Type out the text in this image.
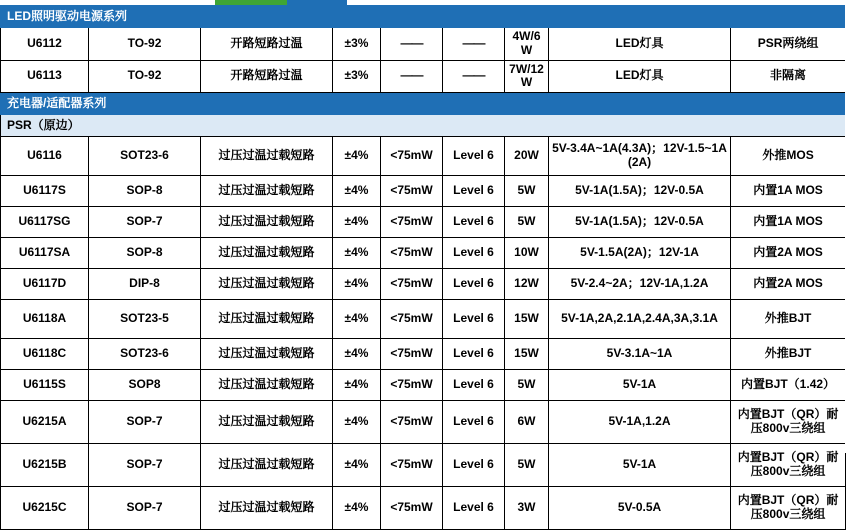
LED照明驱动电源系列								
U6112	TO-92	开路短路过温	±3%	——	——	4W/6W	LED灯具	PSR两绕组
U6113	TO-92	开路短路过温	±3%	——	——	7W/12W	LED灯具	非隔离
充电器/适配器系列								
PSR（原边）								
U6116	SOT23-6	过压过温过载短路	±4%	<75mW	Level 6	20W	5V-3.4A~1A(4.3A)；12V-1.5~1A (2A)	外推MOS
U6117S	SOP-8	过压过温过载短路	±4%	<75mW	Level 6	5W	5V-1A(1.5A)；12V-0.5A	内置1A MOS
U6117SG	SOP-7	过压过温过载短路	±4%	<75mW	Level 6	5W	5V-1A(1.5A)；12V-0.5A	内置1A MOS
U6117SA	SOP-8	过压过温过载短路	±4%	<75mW	Level 6	10W	5V-1.5A(2A)；12V-1A	内置2A MOS
U6117D	DIP-8	过压过温过载短路	±4%	<75mW	Level 6	12W	5V-2.4~2A；12V-1A,1.2A	内置2A MOS
U6118A	SOT23-5	过压过温过载短路	±4%	<75mW	Level 6	15W	5V-1A,2A,2.1A,2.4A,3A,3.1A	外推BJT
U6118C	SOT23-6	过压过温过载短路	±4%	<75mW	Level 6	15W	5V-3.1A~1A	外推BJT
U6115S	SOP8	过压过温过载短路	±4%	<75mW	Level 6	5W	5V-1A	内置BJT（1.42）
U6215A	SOP-7	过压过温过载短路	±4%	<75mW	Level 6	6W	5V-1A,1.2A	内置BJT（QR）耐压800v三绕组
U6215B	SOP-7	过压过温过载短路	±4%	<75mW	Level 6	5W	5V-1A	内置BJT（QR）耐压800v三绕组
U6215C	SOP-7	过压过温过载短路	±4%	<75mW	Level 6	3W	5V-0.5A	内置BJT（QR）耐压800v三绕组
